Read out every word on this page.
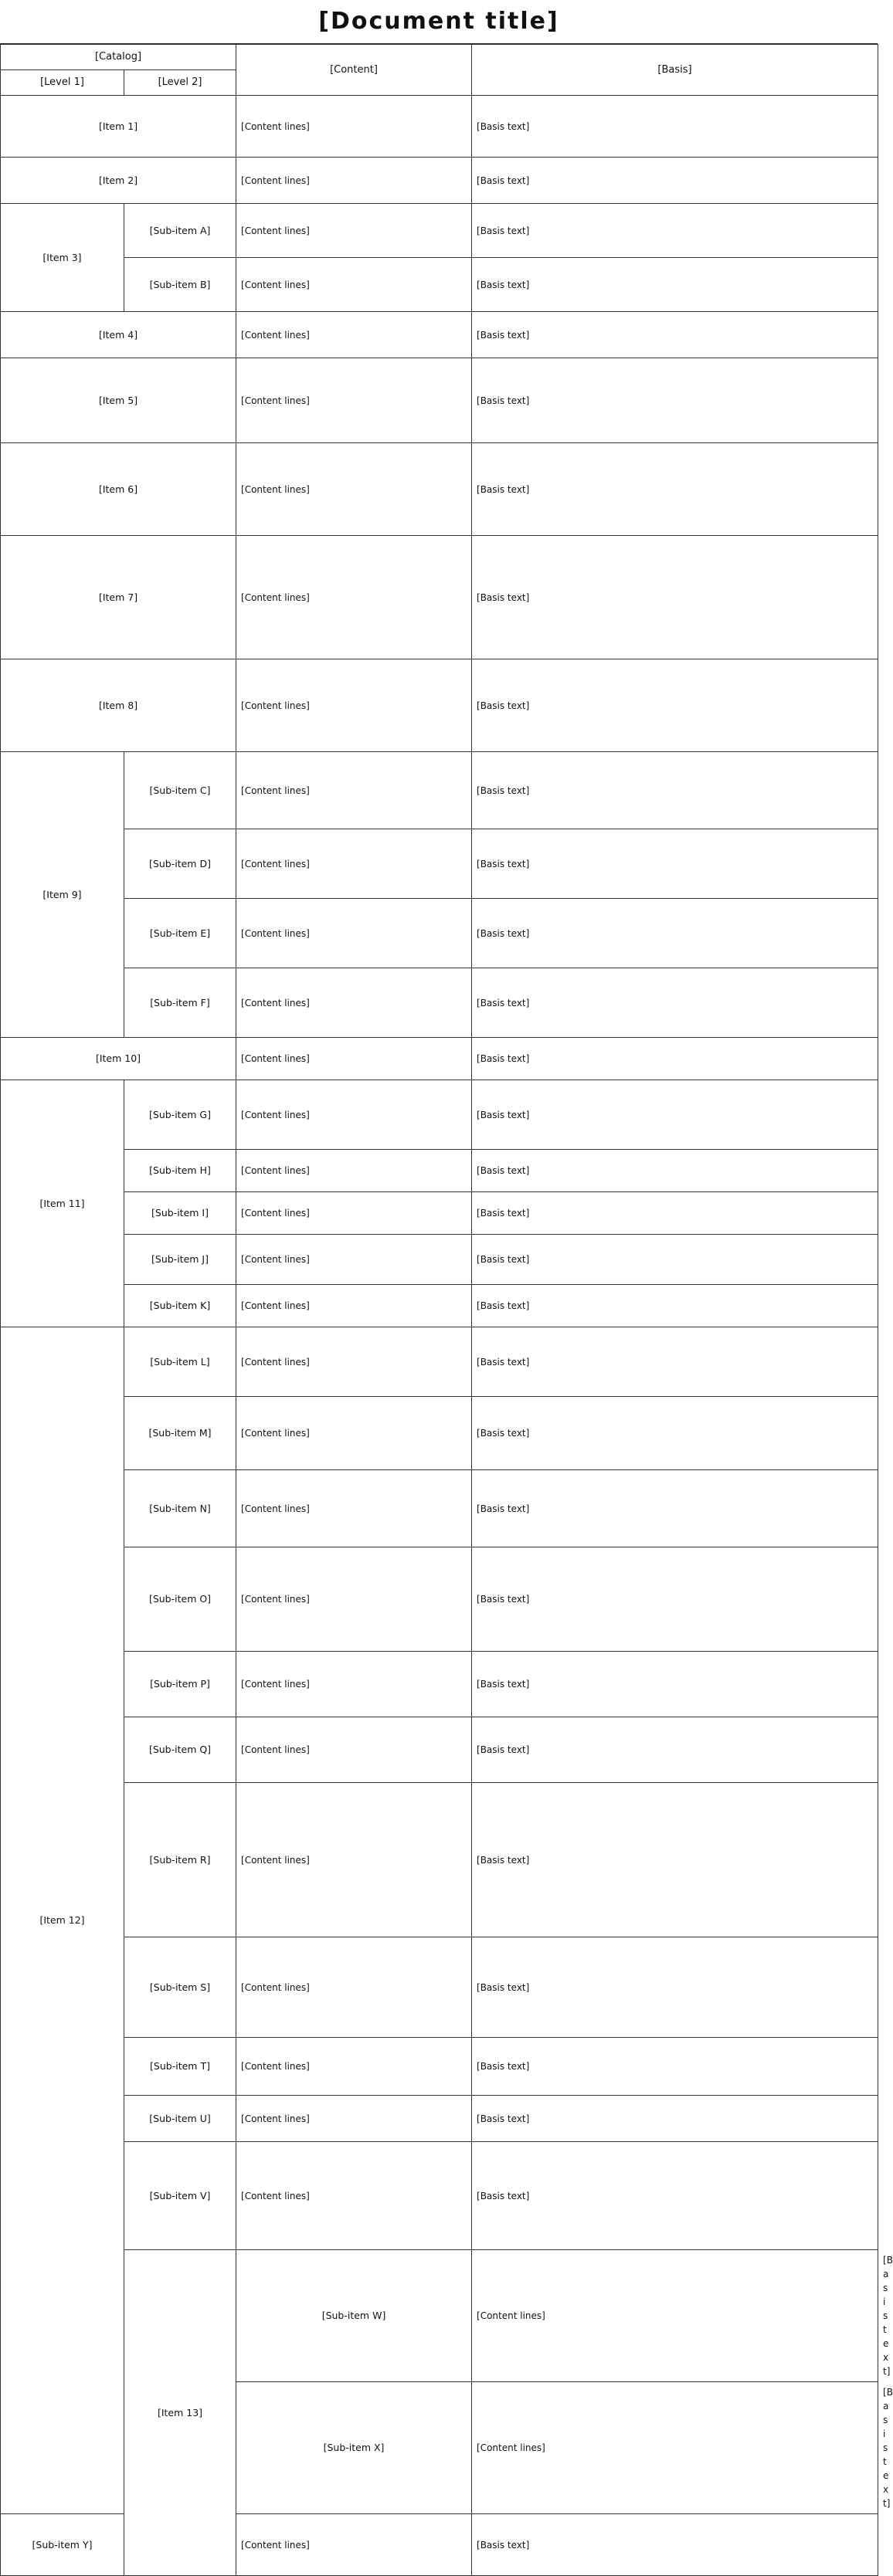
[Document title]
[Catalog]		[Content]	[Basis]	
[Level 1]	[Level 2]			
[Item 1]		[Content lines]	[Basis text]	
[Item 2]		[Content lines]	[Basis text]	
[Item 3]	[Sub-item A]	[Content lines]	[Basis text]	
	[Sub-item B]	[Content lines]	[Basis text]	
[Item 4]		[Content lines]	[Basis text]	
[Item 5]		[Content lines]	[Basis text]	
[Item 6]		[Content lines]	[Basis text]	
[Item 7]		[Content lines]	[Basis text]	
[Item 8]		[Content lines]	[Basis text]	
[Item 9]	[Sub-item C]	[Content lines]	[Basis text]	
	[Sub-item D]	[Content lines]	[Basis text]	
	[Sub-item E]	[Content lines]	[Basis text]	
	[Sub-item F]	[Content lines]	[Basis text]	
[Item 10]		[Content lines]	[Basis text]	
[Item 11]	[Sub-item G]	[Content lines]	[Basis text]	
	[Sub-item H]	[Content lines]	[Basis text]	
	[Sub-item I]	[Content lines]	[Basis text]	
	[Sub-item J]	[Content lines]	[Basis text]	
	[Sub-item K]	[Content lines]	[Basis text]	
[Item 12]	[Sub-item L]	[Content lines]	[Basis text]	
	[Sub-item M]	[Content lines]	[Basis text]	
	[Sub-item N]	[Content lines]	[Basis text]	
	[Sub-item O]	[Content lines]	[Basis text]	
	[Sub-item P]	[Content lines]	[Basis text]	
	[Sub-item Q]	[Content lines]	[Basis text]	
	[Sub-item R]	[Content lines]	[Basis text]	
	[Sub-item S]	[Content lines]	[Basis text]	
	[Sub-item T]	[Content lines]	[Basis text]	
	[Sub-item U]	[Content lines]	[Basis text]	
	[Sub-item V]	[Content lines]	[Basis text]	
	[Item 13]	[Sub-item W]	[Content lines]	[Basis text]
		[Sub-item X]	[Content lines]	[Basis text]
[Sub-item Y]		[Content lines]	[Basis text]	
